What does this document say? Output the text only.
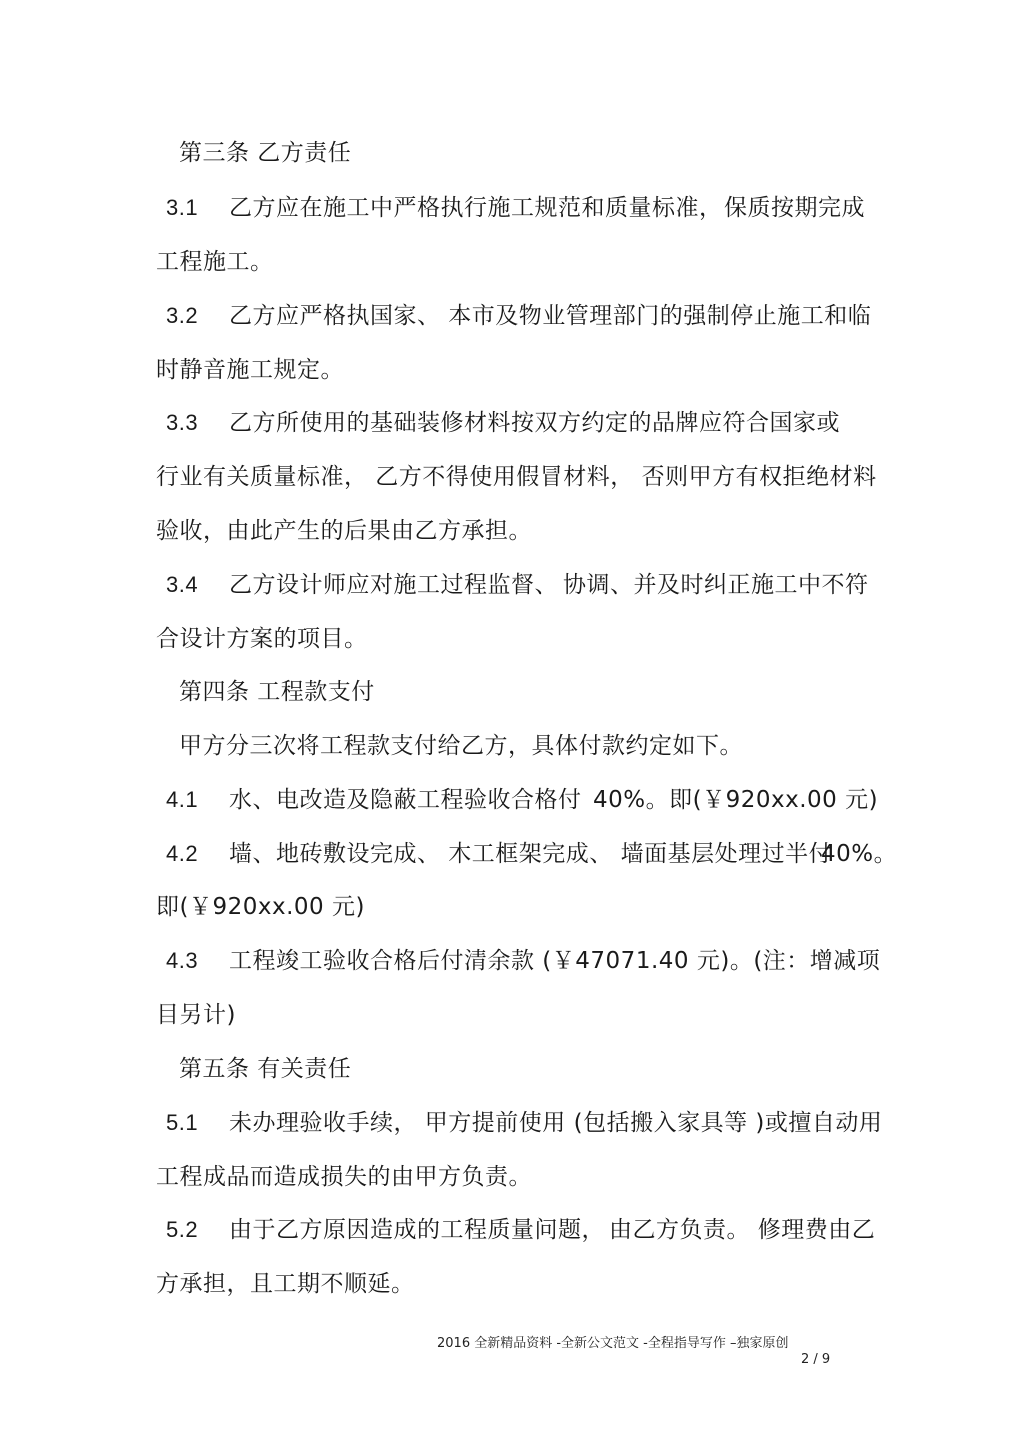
第三条 乙方责任
3.1 乙方应在施工中严格执行施工规范和质量标准， 保质按期完成
工程施工。
3.2 乙方应严格执国家、 本市及物业管理部门的强制停止施工和临
时静音施工规定。
3.3 乙方所使用的基础装修材料按双方约定的品牌应符合国家或
行业有关质量标准， 乙方不得使用假冒材料， 否则甲方有权拒绝材料
验收，由此产生的后果由乙方承担。
3.4 乙方设计师应对施工过程监督、 协调、并及时纠正施工中不符
合设计方案的项目。
第四条 工程款支付
甲方分三次将工程款支付给乙方，具体付款约定如下。
4.1 水、电改造及隐蔽工程验收合格付 40%。即(￥920xx.00 元)
4.2 墙、地砖敷设完成、 木工框架完成、 墙面基层处理过半付
40%。
即(￥920xx.00 元)
4.3 工程竣工验收合格后付清余款 (￥47071.40 元)。(注：增减项
目另计)
第五条 有关责任
5.1 未办理验收手续， 甲方提前使用 (包括搬入家具等 )或擅自动用
工程成品而造成损失的由甲方负责。
5.2 由于乙方原因造成的工程质量问题， 由乙方负责。 修理费由乙
方承担，且工期不顺延。
2016 全新精品资料 -全新公文范文 -全程指导写作 –独家原创
2 / 9
